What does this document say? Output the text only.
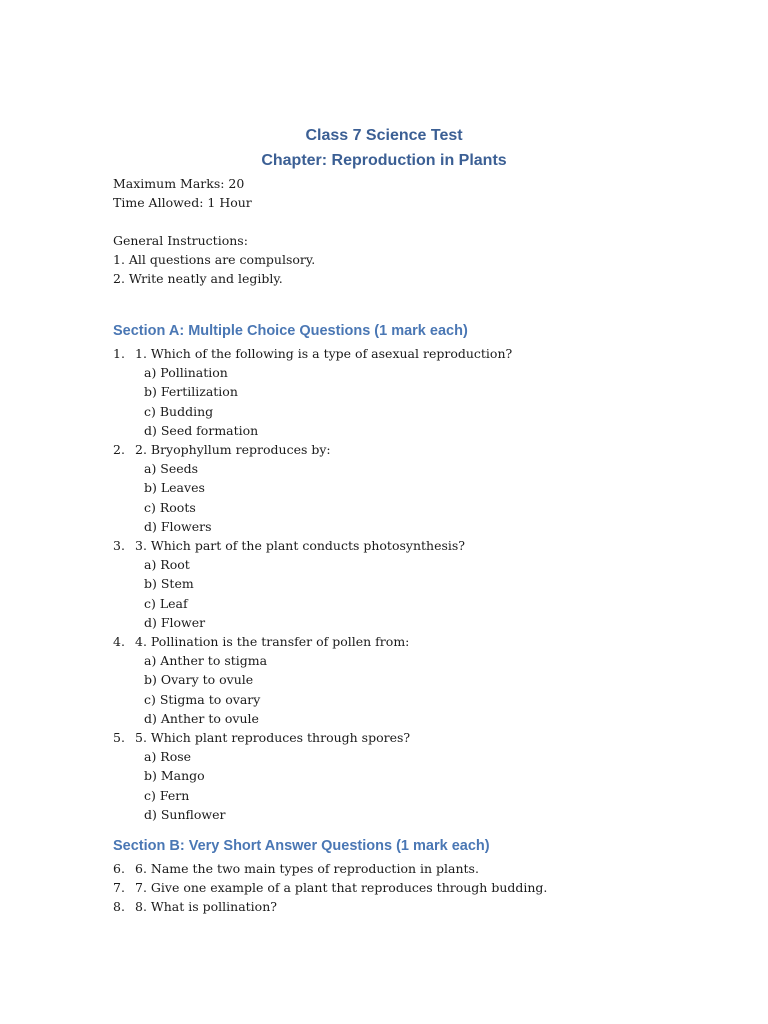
Class 7 Science Test
Chapter: Reproduction in Plants
Maximum Marks: 20
Time Allowed: 1 Hour
General Instructions:
1. All questions are compulsory.
2. Write neatly and legibly.
Section A: Multiple Choice Questions (1 mark each)
1. 1. Which of the following is a type of asexual reproduction?
a) Pollination
b) Fertilization
c) Budding
d) Seed formation
2. 2. Bryophyllum reproduces by:
a) Seeds
b) Leaves
c) Roots
d) Flowers
3. 3. Which part of the plant conducts photosynthesis?
a) Root
b) Stem
c) Leaf
d) Flower
4. 4. Pollination is the transfer of pollen from:
a) Anther to stigma
b) Ovary to ovule
c) Stigma to ovary
d) Anther to ovule
5. 5. Which plant reproduces through spores?
a) Rose
b) Mango
c) Fern
d) Sunflower
Section B: Very Short Answer Questions (1 mark each)
6. 6. Name the two main types of reproduction in plants.
7. 7. Give one example of a plant that reproduces through budding.
8. 8. What is pollination?
